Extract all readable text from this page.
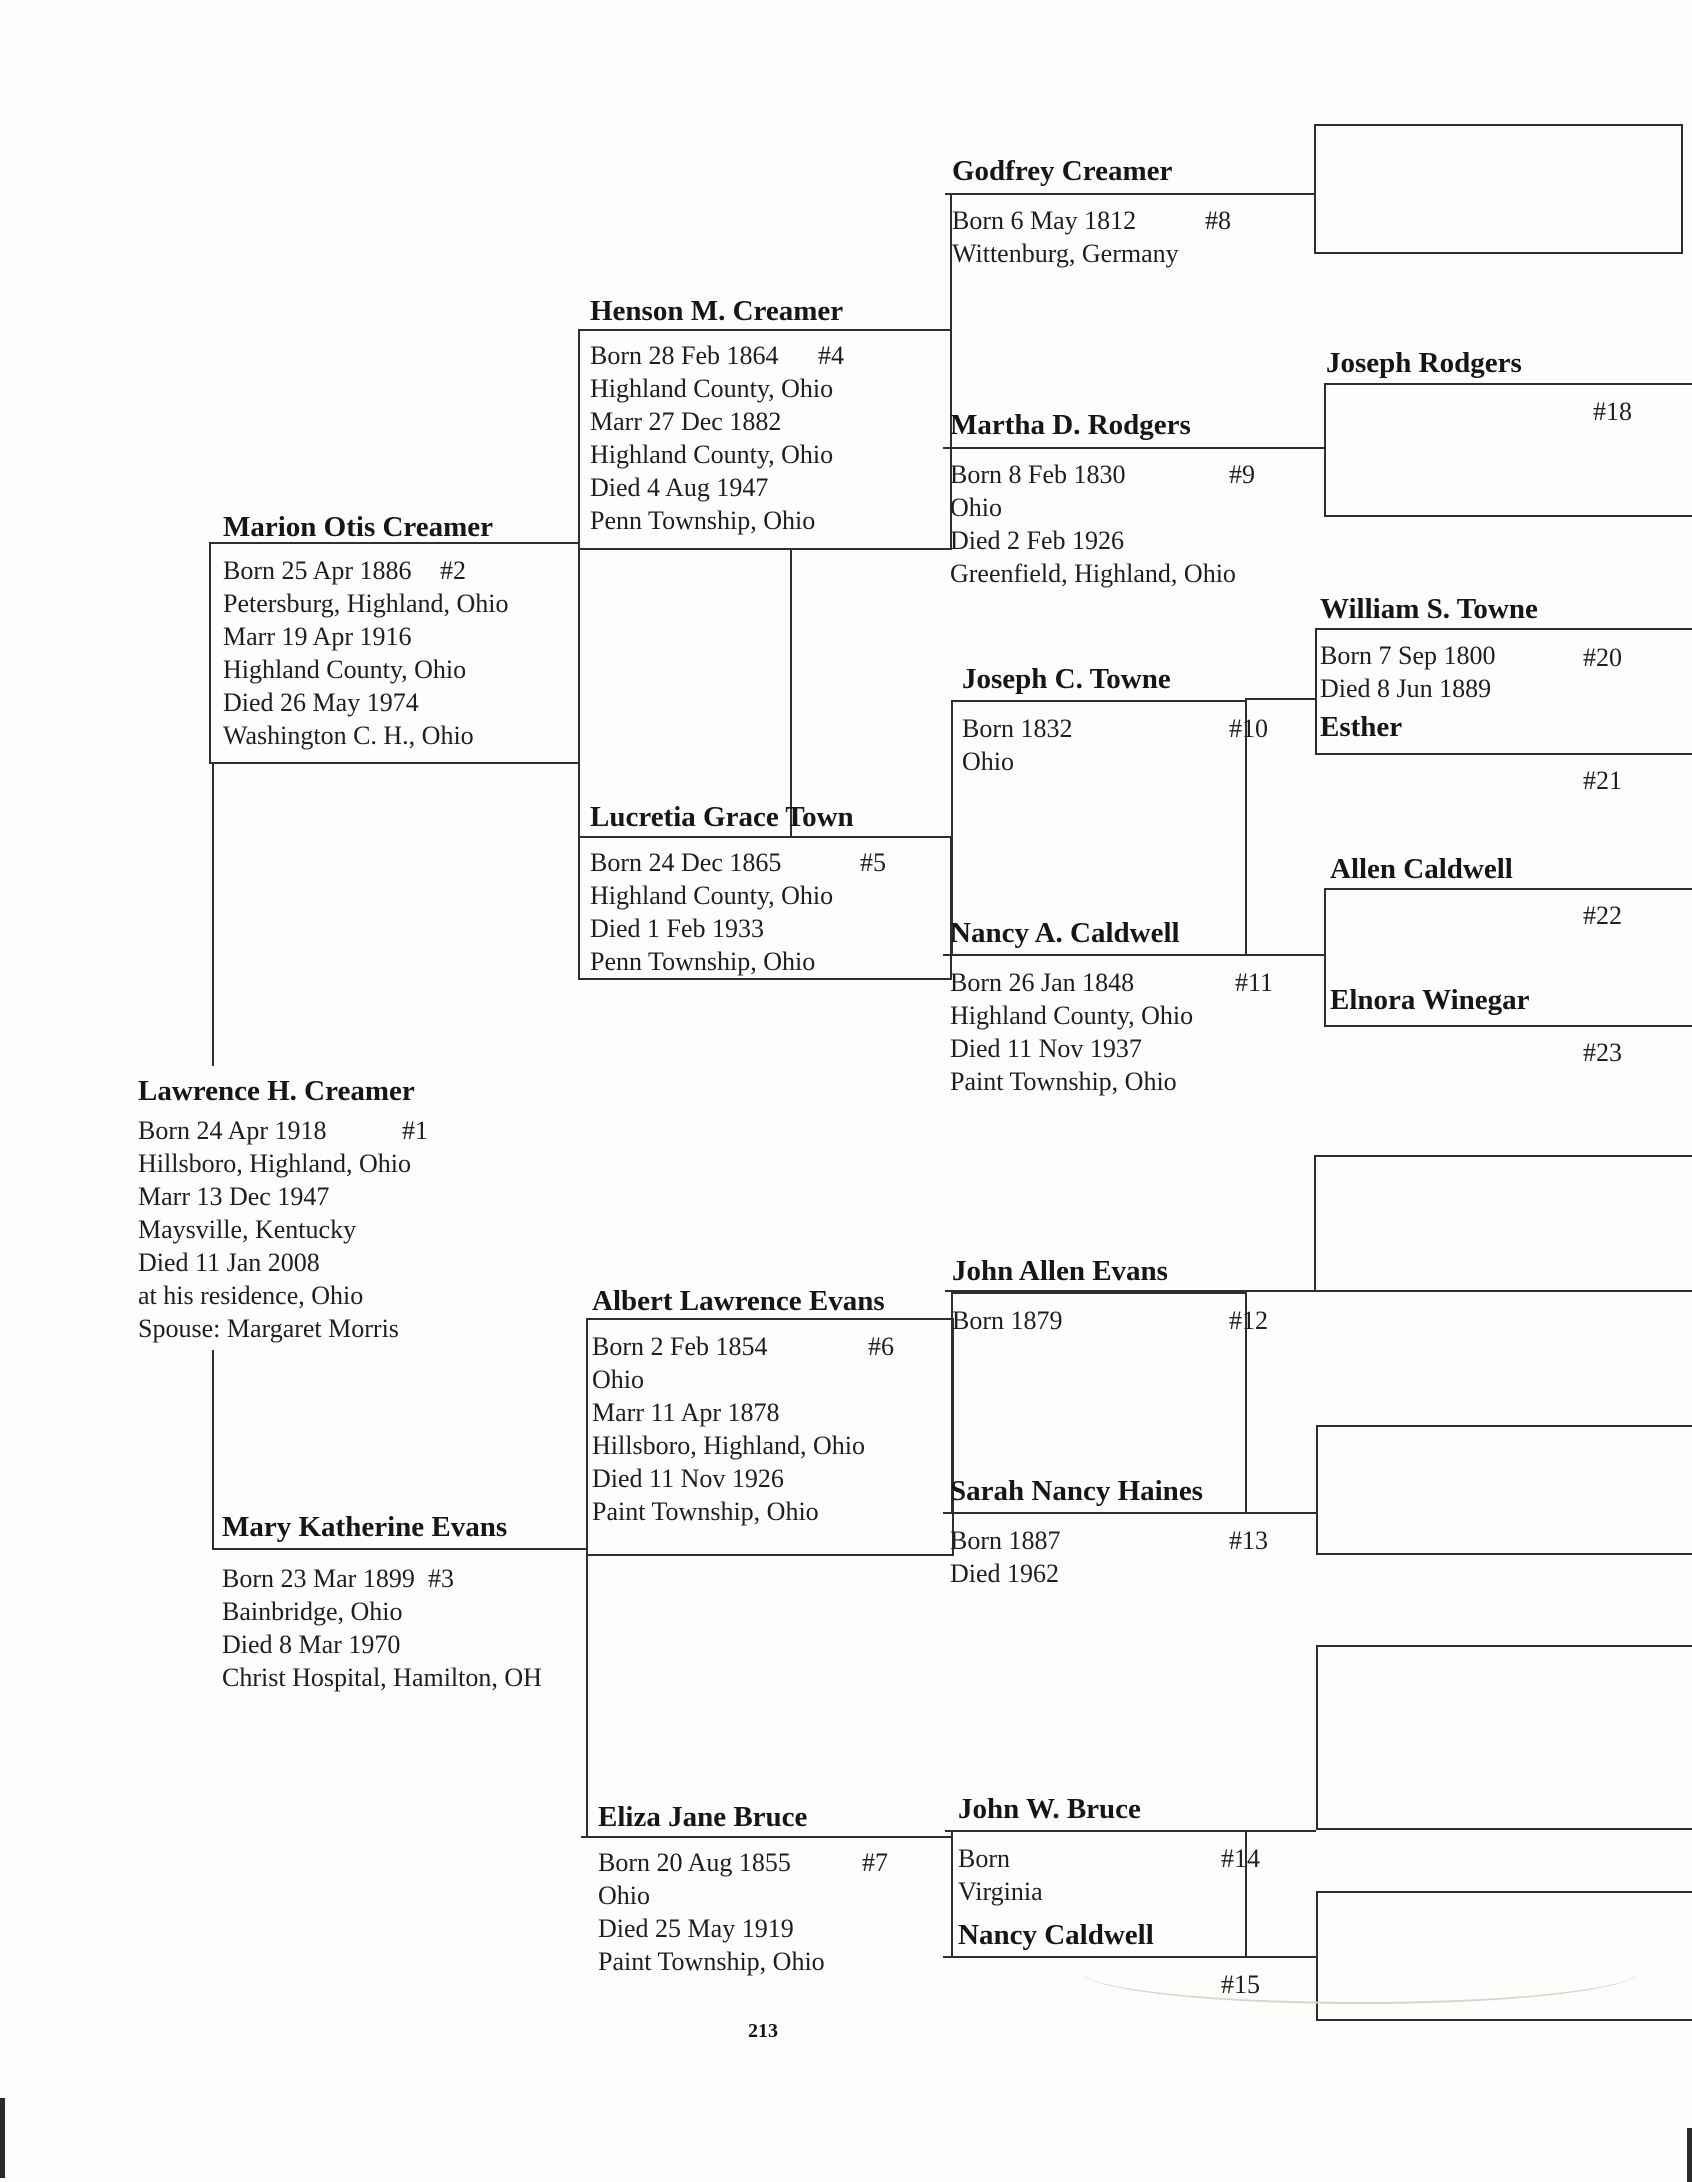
Lawrence H. Creamer
Born 24 Apr 1918
Hillsboro, Highland, Ohio
Marr 13 Dec 1947
Maysville, Kentucky
Died 11 Jan 2008
at his residence, Ohio
Spouse: Margaret Morris
#1
Marion Otis Creamer
Born 25 Apr 1886
Petersburg, Highland, Ohio
Marr 19 Apr 1916
Highland County, Ohio
Died 26 May 1974
Washington C. H., Ohio
#2
Mary Katherine Evans
Born 23 Mar 1899
Bainbridge, Ohio
Died 8 Mar 1970
Christ Hospital, Hamilton, OH
#3
Henson M. Creamer
Born 28 Feb 1864
Highland County, Ohio
Marr 27 Dec 1882
Highland County, Ohio
Died 4 Aug 1947
Penn Township, Ohio
#4
Lucretia Grace Town
Born 24 Dec 1865
Highland County, Ohio
Died 1 Feb 1933
Penn Township, Ohio
#5
Albert Lawrence Evans
Born 2 Feb 1854
Ohio
Marr 11 Apr 1878
Hillsboro, Highland, Ohio
Died 11 Nov 1926
Paint Township, Ohio
#6
Eliza Jane Bruce
Born 20 Aug 1855
Ohio
Died 25 May 1919
Paint Township, Ohio
#7
Godfrey Creamer
Born 6 May 1812
Wittenburg, Germany
#8
Martha D. Rodgers
Born 8 Feb 1830
Ohio
Died 2 Feb 1926
Greenfield, Highland, Ohio
#9
Joseph C. Towne
Born 1832
Ohio
#10
Nancy A. Caldwell
Born 26 Jan 1848
Highland County, Ohio
Died 11 Nov 1937
Paint Township, Ohio
#11
John Allen Evans
Born 1879	#12
Sarah Nancy Haines
Born 1887
Died 1962
#13
John W. Bruce
Born
Virginia
#14
Nancy Caldwell
#15
Joseph Rodgers
#18
William S. Towne
Born 7 Sep 1800
Died 8 Jun 1889
#20
Esther
#21
Allen Caldwell
#22
Elnora Winegar
#23
213
